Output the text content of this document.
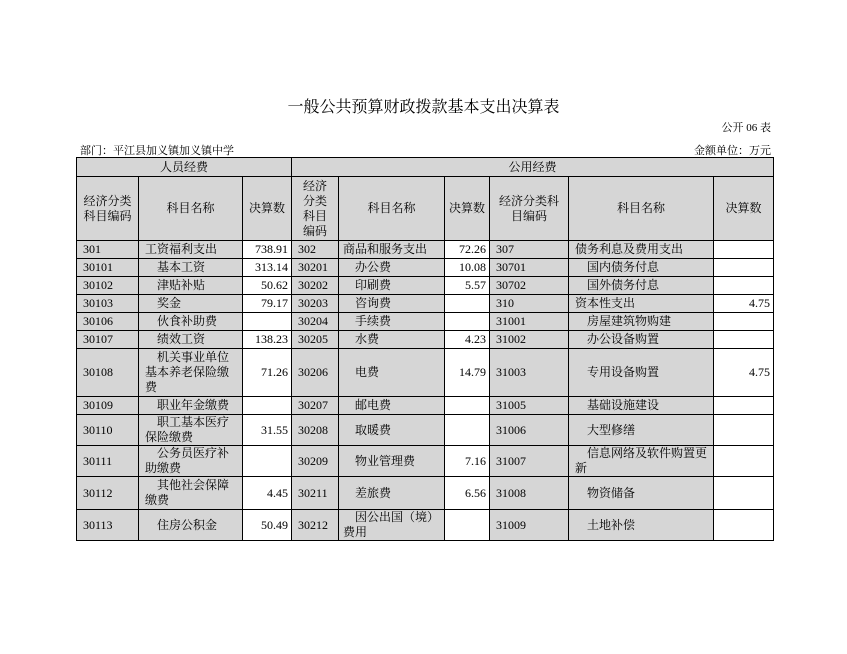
一般公共预算财政拨款基本支出决算表
公开 06 表
部门：平江县加义镇加义镇中学	金额单位：万元
人员经费			公用经费					
经济分类科目编码	科目名称	决算数	经济分类科目编码	科目名称	决算数	经济分类科目编码	科目名称	决算数
301	工资福利支出	738.91	302	商品和服务支出	72.26	307	债务利息及费用支出	
30101	基本工资	313.14	30201	办公费	10.08	30701	国内债务付息	
30102	津贴补贴	50.62	30202	印刷费	5.57	30702	国外债务付息	
30103	奖金	79.17	30203	咨询费		310	资本性支出	4.75
30106	伙食补助费		30204	手续费		31001	房屋建筑物购建	
30107	绩效工资	138.23	30205	水费	4.23	31002	办公设备购置	
30108	机关事业单位基本养老保险缴费	71.26	30206	电费	14.79	31003	专用设备购置	4.75
30109	职业年金缴费		30207	邮电费		31005	基础设施建设	
30110	职工基本医疗保险缴费	31.55	30208	取暖费		31006	大型修缮	
30111	公务员医疗补助缴费		30209	物业管理费	7.16	31007	信息网络及软件购置更新	
30112	其他社会保障缴费	4.45	30211	差旅费	6.56	31008	物资储备	
30113	住房公积金	50.49	30212	因公出国（境）费用		31009	土地补偿	
